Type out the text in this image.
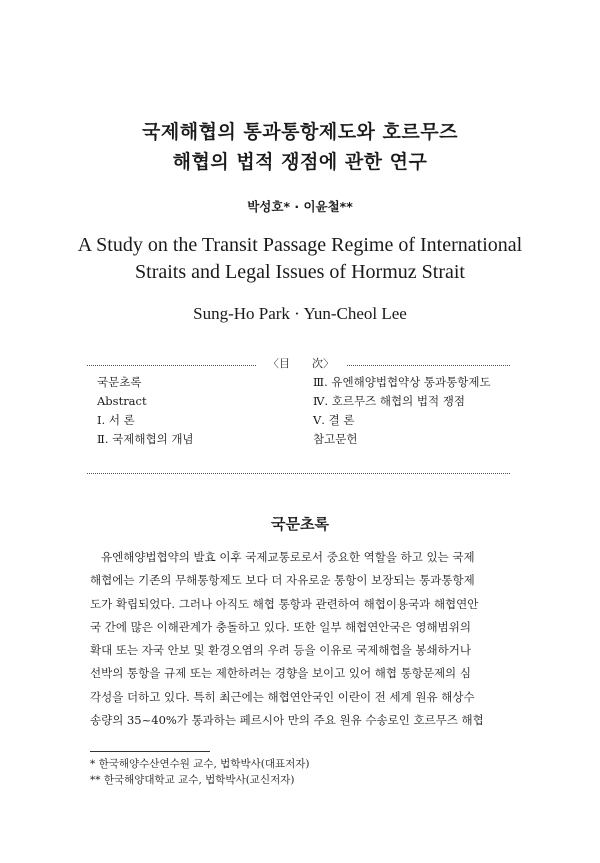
국제해협의 통과통항제도와 호르무즈
해협의 법적 쟁점에 관한 연구
박성호* · 이윤철**
A Study on the Transit Passage Regime of International
Straits and Legal Issues of Hormuz Strait
Sung-Ho Park · Yun-Cheol Lee
〈目　　次〉
국문초록
Abstract
Ⅰ. 서 론
Ⅱ. 국제해협의 개념
Ⅲ. 유엔해양법협약상 통과통항제도
Ⅳ. 호르무즈 해협의 법적 쟁점
Ⅴ. 결 론
참고문헌
국문초록
유엔해양법협약의 발효 이후 국제교통로로서 중요한 역할을 하고 있는 국제
해협에는 기존의 무해통항제도 보다 더 자유로운 통항이 보장되는 통과통항제
도가 확립되었다. 그러나 아직도 해협 통항과 관련하여 해협이용국과 해협연안
국 간에 많은 이해관계가 충돌하고 있다. 또한 일부 해협연안국은 영해범위의
확대 또는 자국 안보 및 환경오염의 우려 등을 이유로 국제해협을 봉쇄하거나
선박의 통항을 규제 또는 제한하려는 경향을 보이고 있어 해협 통항문제의 심
각성을 더하고 있다. 특히 최근에는 해협연안국인 이란이 전 세계 원유 해상수
송량의 35~40%가 통과하는 페르시아 만의 주요 원유 수송로인 호르무즈 해협
* 한국해양수산연수원 교수, 법학박사(대표저자)
** 한국해양대학교 교수, 법학박사(교신저자)
